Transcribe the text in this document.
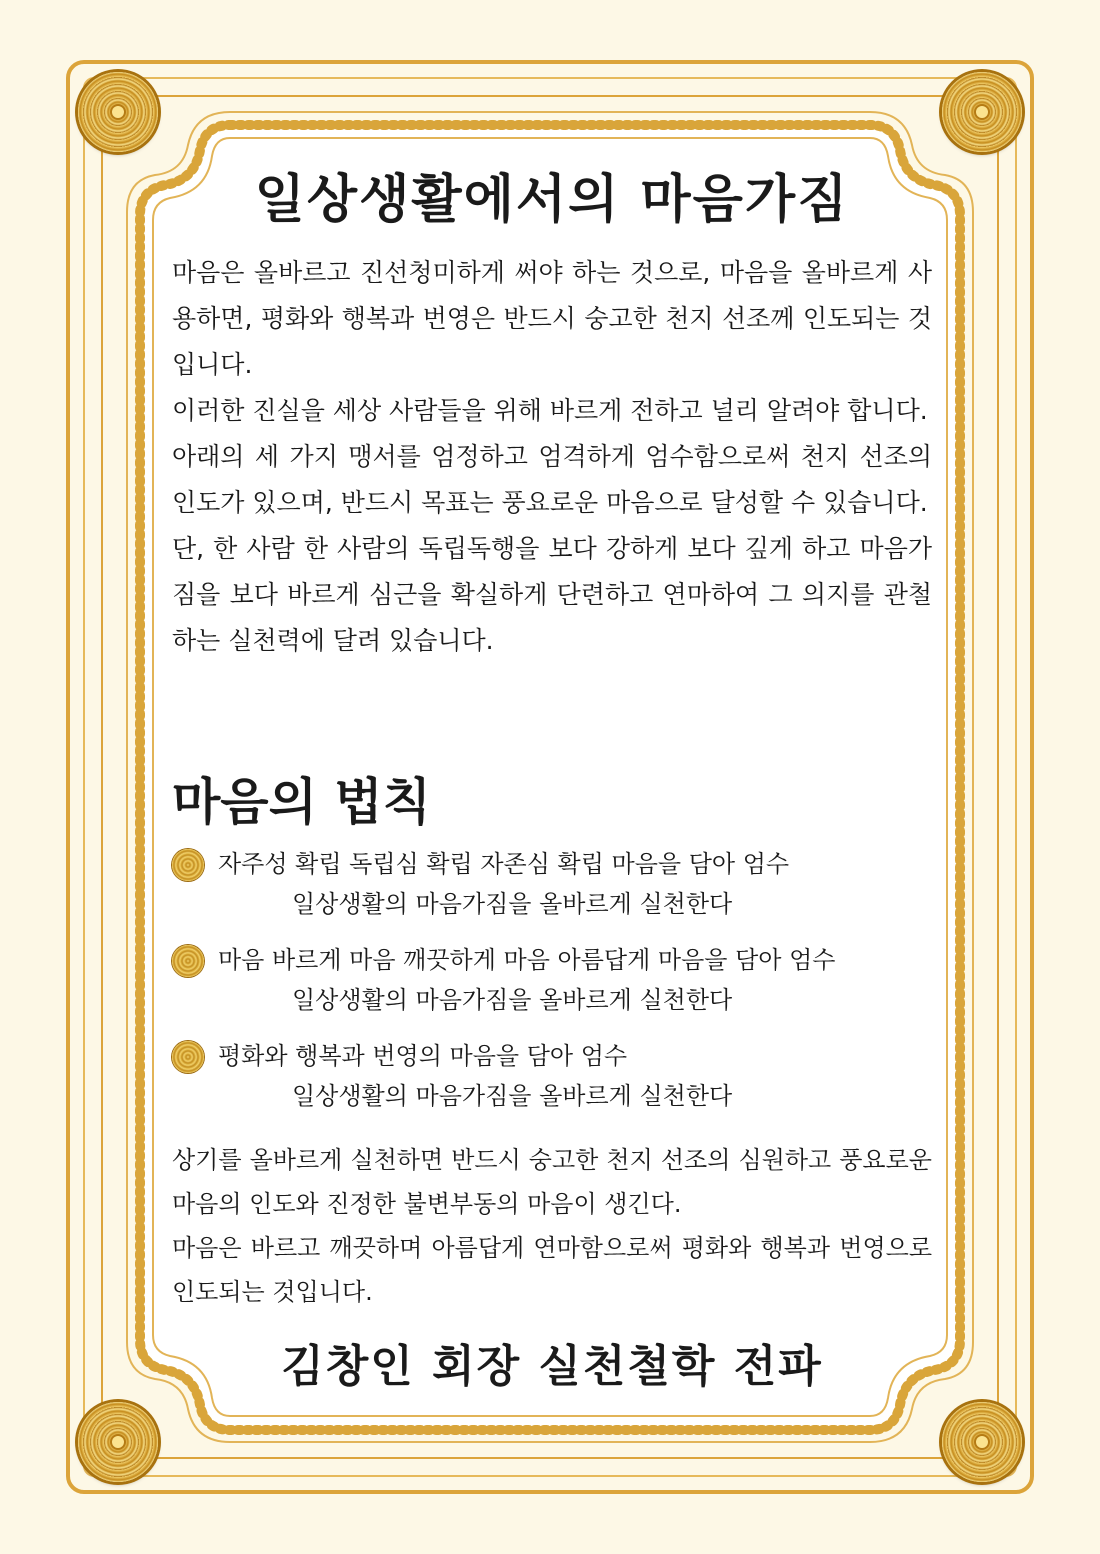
일상생활에서의 마음가짐

마음은 올바르고 진선청미하게 써야 하는 것으로, 마음을 올바르게 사용하면, 평화와 행복과 번영은 반드시 숭고한 천지 선조께 인도되는 것입니다.

이러한 진실을 세상 사람들을 위해 바르게 전하고 널리 알려야 합니다.

아래의 세 가지 맹서를 엄정하고 엄격하게 엄수함으로써 천지 선조의 인도가 있으며, 반드시 목표는 풍요로운 마음으로 달성할 수 있습니다.

단, 한 사람 한 사람의 독립독행을 보다 강하게 보다 깊게 하고 마음가짐을 보다 바르게 심근을 확실하게 단련하고 연마하여 그 의지를 관철하는 실천력에 달려 있습니다.

마음의 법칙
자주성 확립 독립심 확립 자존심 확립 마음을 담아 엄수
일상생활의 마음가짐을 올바르게 실천한다
마음 바르게 마음 깨끗하게 마음 아름답게 마음을 담아 엄수
일상생활의 마음가짐을 올바르게 실천한다
평화와 행복과 번영의 마음을 담아 엄수
일상생활의 마음가짐을 올바르게 실천한다

상기를 올바르게 실천하면 반드시 숭고한 천지 선조의 심원하고 풍요로운 마음의 인도와 진정한 불변부동의 마음이 생긴다.

마음은 바르고 깨끗하며 아름답게 연마함으로써 평화와 행복과 번영으로 인도되는 것입니다.

김창인 회장 실천철학 전파
